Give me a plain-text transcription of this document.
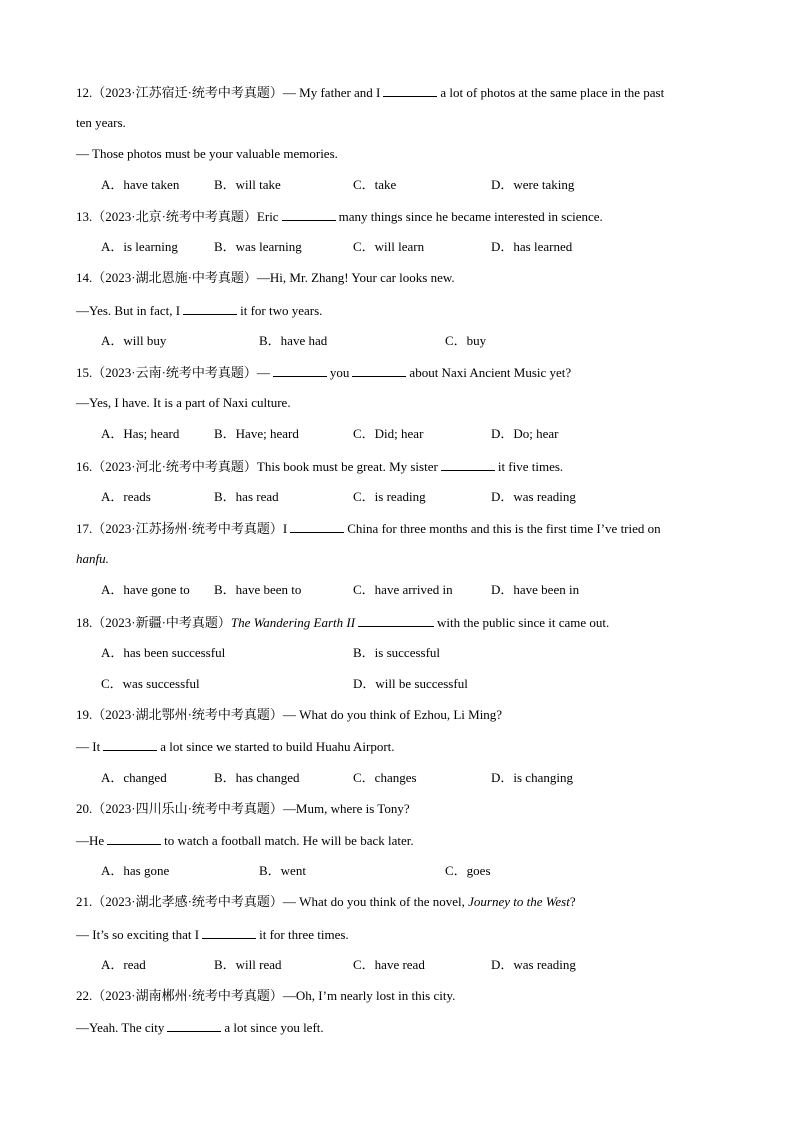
12.（2023·江苏宿迁·统考中考真题）— My father and I	a lot of photos at the same place in the past
ten years.
— Those photos must be your valuable memories.
A．have taken	B．will take	C．take	D．were taking
13.（2023·北京·统考中考真题）Eric	many things since he became interested in science.
A．is learning	B．was learning	C．will learn	D．has learned
14.（2023·湖北恩施·中考真题）—Hi, Mr. Zhang! Your car looks new.
—Yes. But in fact, I	it for two years.
A．will buy	B．have had	C．buy
15.（2023·云南·统考中考真题）—	you	about Naxi Ancient Music yet?
—Yes, I have. It is a part of Naxi culture.
A．Has; heard	B．Have; heard	C．Did; hear	D．Do; hear
16.（2023·河北·统考中考真题）This book must be great. My sister	it five times.
A．reads	B．has read	C．is reading	D．was reading
17.（2023·江苏扬州·统考中考真题）I	China for three months and this is the first time I’ve tried on
hanfu.
A．have gone to B．have been to	C．have arrived in	D．have been in
18.（2023·新疆·中考真题）The Wandering Earth II	with the public since it came out.
A．has been successful	B．is successful
C．was successful	D．will be successful
19.（2023·湖北鄂州·统考中考真题）— What do you think of Ezhou, Li Ming?
— It	a lot since we started to build Huahu Airport.
A．changed	B．has changed	C．changes	D．is changing
20.（2023·四川乐山·统考中考真题）—Mum, where is Tony?
—He	to watch a football match. He will be back later.
A．has gone	B．went	C．goes
21.（2023·湖北孝感·统考中考真题）— What do you think of the novel, Journey to the West?
— It’s so exciting that I	it for three times.
A．read	B．will read	C．have read	D．was reading
22.（2023·湖南郴州·统考中考真题）—Oh, I’m nearly lost in this city.
—Yeah. The city	a lot since you left.
